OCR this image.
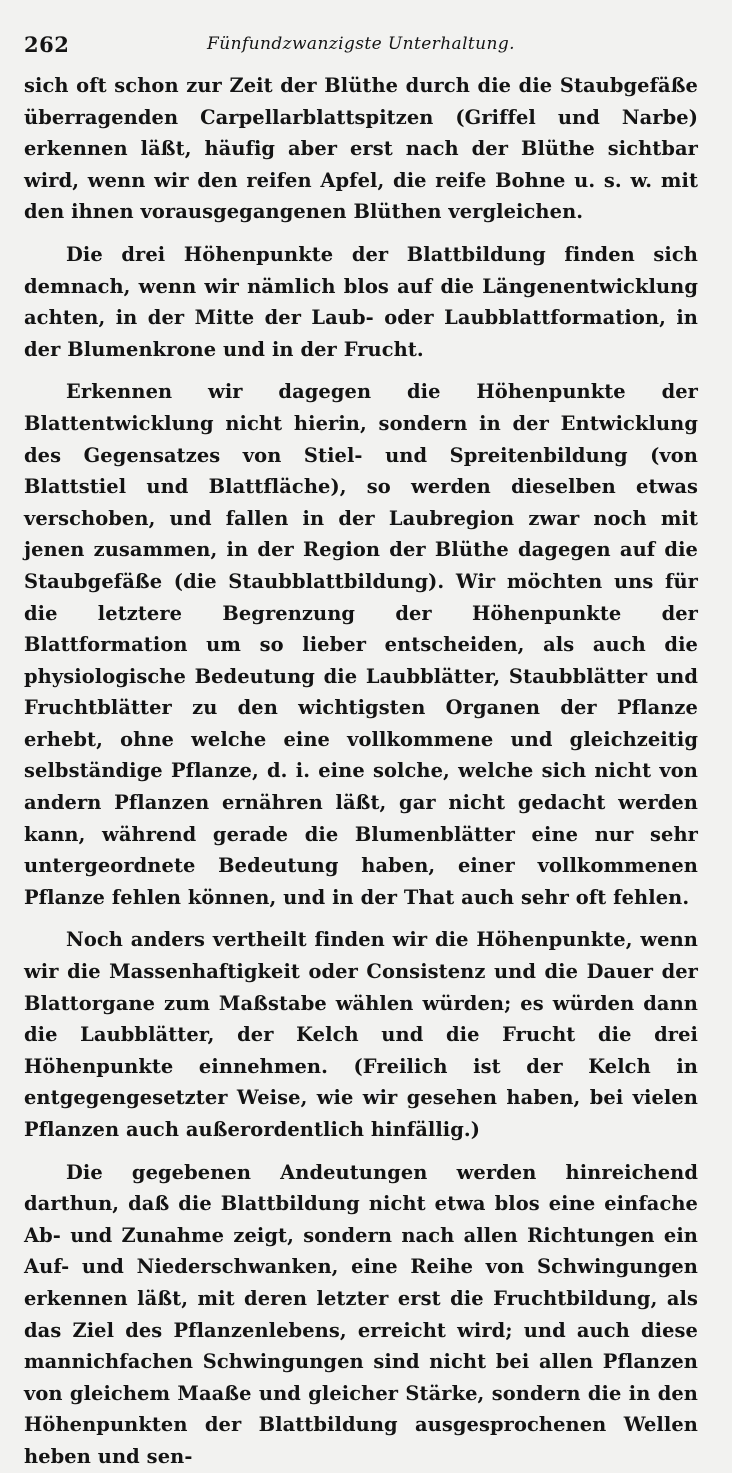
262	Fünfundzwanzigste Unterhaltung.

sich oft schon zur Zeit der Blüthe durch die die Staubgefäße überragenden Carpellarblattspitzen (Griffel und Narbe) erkennen läßt, häufig aber erst nach der Blüthe sichtbar wird, wenn wir den reifen Apfel, die reife Bohne u. s. w. mit den ihnen vorausgegangenen Blüthen vergleichen.

Die drei Höhenpunkte der Blattbildung finden sich demnach, wenn wir nämlich blos auf die Längenentwicklung achten, in der Mitte der Laub- oder Laubblattformation, in der Blumenkrone und in der Frucht.

Erkennen wir dagegen die Höhenpunkte der Blattentwicklung nicht hierin, sondern in der Entwicklung des Gegensatzes von Stiel- und Spreitenbildung (von Blattstiel und Blattfläche), so werden dieselben etwas verschoben, und fallen in der Laubregion zwar noch mit jenen zusammen, in der Region der Blüthe dagegen auf die Staubgefäße (die Staubblattbildung). Wir möchten uns für die letztere Begrenzung der Höhenpunkte der Blattformation um so lieber entscheiden, als auch die physiologische Bedeutung die Laubblätter, Staubblätter und Fruchtblätter zu den wichtigsten Organen der Pflanze erhebt, ohne welche eine vollkommene und gleichzeitig selbständige Pflanze, d. i. eine solche, welche sich nicht von andern Pflanzen ernähren läßt, gar nicht gedacht werden kann, während gerade die Blumenblätter eine nur sehr untergeordnete Bedeutung haben, einer vollkommenen Pflanze fehlen können, und in der That auch sehr oft fehlen.

Noch anders vertheilt finden wir die Höhenpunkte, wenn wir die Massenhaftigkeit oder Consistenz und die Dauer der Blattorgane zum Maßstabe wählen würden; es würden dann die Laubblätter, der Kelch und die Frucht die drei Höhenpunkte einnehmen. (Freilich ist der Kelch in entgegengesetzter Weise, wie wir gesehen haben, bei vielen Pflanzen auch außerordentlich hinfällig.)

Die gegebenen Andeutungen werden hinreichend darthun, daß die Blattbildung nicht etwa blos eine einfache Ab- und Zunahme zeigt, sondern nach allen Richtungen ein Auf- und Niederschwanken, eine Reihe von Schwingungen erkennen läßt, mit deren letzter erst die Fruchtbildung, als das Ziel des Pflanzenlebens, erreicht wird; und auch diese mannichfachen Schwingungen sind nicht bei allen Pflanzen von gleichem Maaße und gleicher Stärke, sondern die in den Höhenpunkten der Blattbildung ausgesprochenen Wellen heben und sen-
